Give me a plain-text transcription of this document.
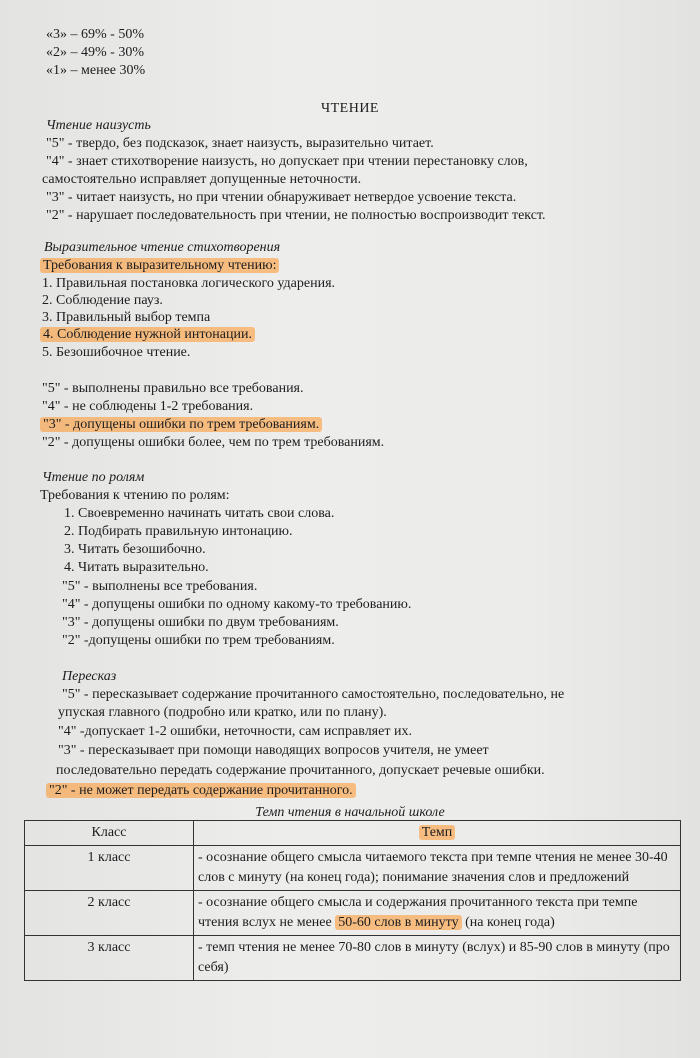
«3» – 69% - 50%
«2» – 49% - 30%
«1» – менее 30%
ЧТЕНИЕ
Чтение наизусть
"5" - твердо, без подсказок, знает наизусть, выразительно читает.
"4" - знает стихотворение наизусть, но допускает при чтении перестановку слов,
самостоятельно исправляет допущенные неточности.
"3" - читает наизусть, но при чтении обнаруживает нетвердое усвоение текста.
"2" - нарушает последовательность при чтении, не полностью воспроизводит текст.
Выразительное чтение стихотворения
Требования к выразительному чтению:
1. Правильная постановка логического ударения.
2. Соблюдение пауз.
3. Правильный выбор темпа
4. Соблюдение нужной интонации.
5. Безошибочное чтение.
"5" - выполнены правильно все требования.
"4" - не соблюдены 1-2 требования.
"3" - допущены ошибки по трем требованиям.
"2" - допущены ошибки более, чем по трем требованиям.
Чтение по ролям
Требования к чтению по ролям:
1. Своевременно начинать читать свои слова.
2. Подбирать правильную интонацию.
3. Читать безошибочно.
4. Читать выразительно.
"5" - выполнены все требования.
"4" - допущены ошибки по одному какому-то требованию.
"3" - допущены ошибки по двум требованиям.
"2" -допущены ошибки по трем требованиям.
Пересказ
"5" - пересказывает содержание прочитанного самостоятельно, последовательно, не
упуская главного (подробно или кратко, или по плану).
"4" -допускает 1-2 ошибки, неточности, сам исправляет их.
"3" - пересказывает при помощи наводящих вопросов учителя, не умеет
последовательно передать содержание прочитанного, допускает речевые ошибки.
"2" - не может передать содержание прочитанного.
Темп чтения в начальной школе
Класс	Темп
1 класс	- осознание общего смысла читаемого текста при темпе чтения не менее 30-40 слов с минуту (на конец года); понимание значения слов и предложений
2 класс	- осознание общего смысла и содержания прочитанного текста при темпе чтения вслух не менее 50-60 слов в минуту (на конец года)
3 класс	- темп чтения не менее 70-80 слов в минуту (вслух) и 85-90 слов в минуту (про себя)
